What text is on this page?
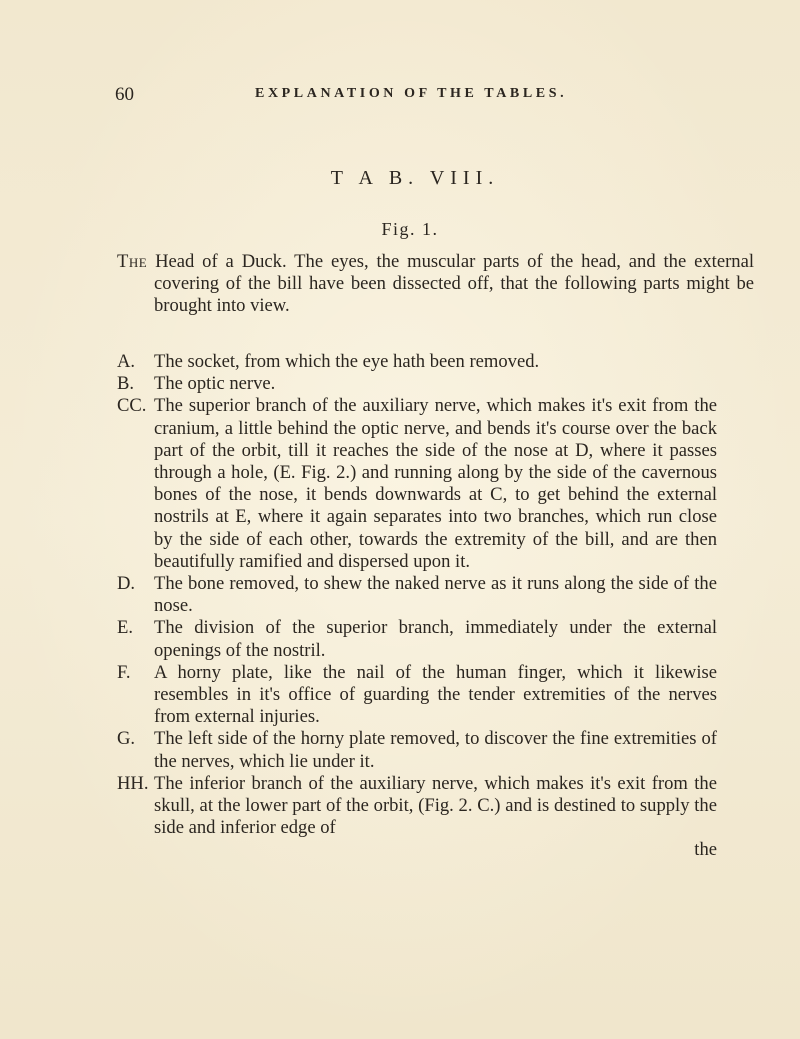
60	EXPLANATION OF THE TABLES.
T A B. VIII.
Fig. 1.
The Head of a Duck. The eyes, the muscular parts of the head, and the external covering of the bill have been dissected off, that the following parts might be brought into view.
A.	The socket, from which the eye hath been removed.
B.	The optic nerve.
CC. The superior branch of the auxiliary nerve, which makes it's exit from the cranium, a little behind the optic nerve, and bends it's course over the back part of the orbit, till it reaches the side of the nose at D, where it passes through a hole, (E. Fig. 2.) and running along by the side of the cavernous bones of the nose, it bends downwards at C, to get behind the external nostrils at E, where it again separates into two branches, which run close by the side of each other, towards the extremity of the bill, and are then beautifully ramified and dispersed upon it.
D.	The bone removed, to shew the naked nerve as it runs along the side of the nose.
E.	The division of the superior branch, immediately under the external openings of the nostril.
F.	A horny plate, like the nail of the human finger, which it likewise resembles in it's office of guarding the tender extremities of the nerves from external injuries.
G.	The left side of the horny plate removed, to discover the fine extremities of the nerves, which lie under it.
HH. The inferior branch of the auxiliary nerve, which makes it's exit from the skull, at the lower part of the orbit, (Fig. 2. C.) and is destined to supply the side and inferior edge of
the
